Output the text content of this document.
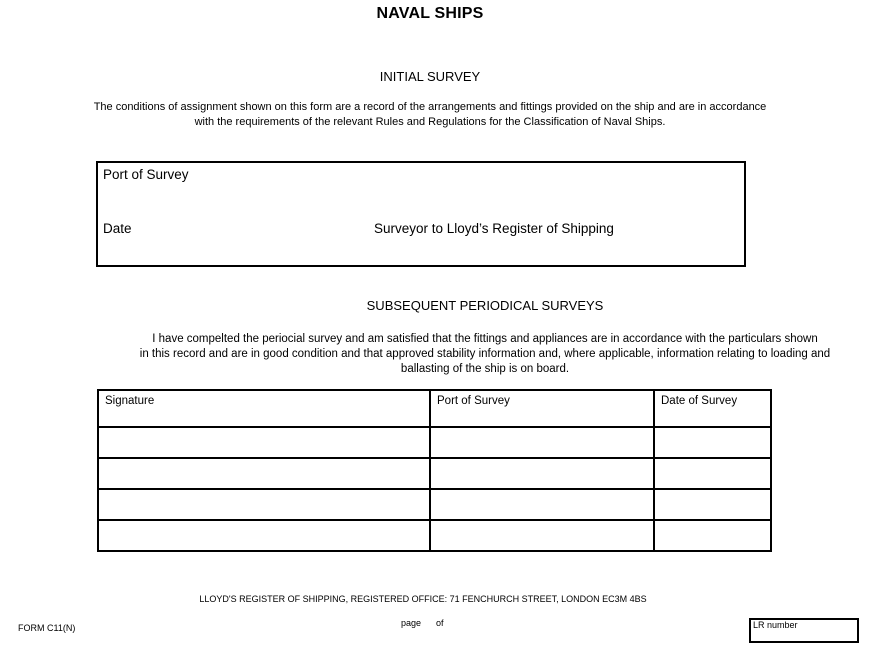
NAVAL SHIPS
INITIAL SURVEY
The conditions of assignment shown on this form are a record of the arrangements and fittings provided on the ship and are in accordance
with the requirements of the relevant Rules and Regulations for the Classification of Naval Ships.
Port of Survey
Date	Surveyor to Lloyd’s Register of Shipping
SUBSEQUENT PERIODICAL SURVEYS
I have compelted the periocial survey and am satisfied that the fittings and appliances are in accordance with the particulars shown
in this record and are in good condition and that approved stability information and, where applicable, information relating to loading and
ballasting of the ship is on board.
Signature	Port of Survey	Date of Survey

LLOYD'S REGISTER OF SHIPPING, REGISTERED OFFICE: 71 FENCHURCH STREET, LONDON EC3M 4BS
FORM C11(N)	page of	LR number
